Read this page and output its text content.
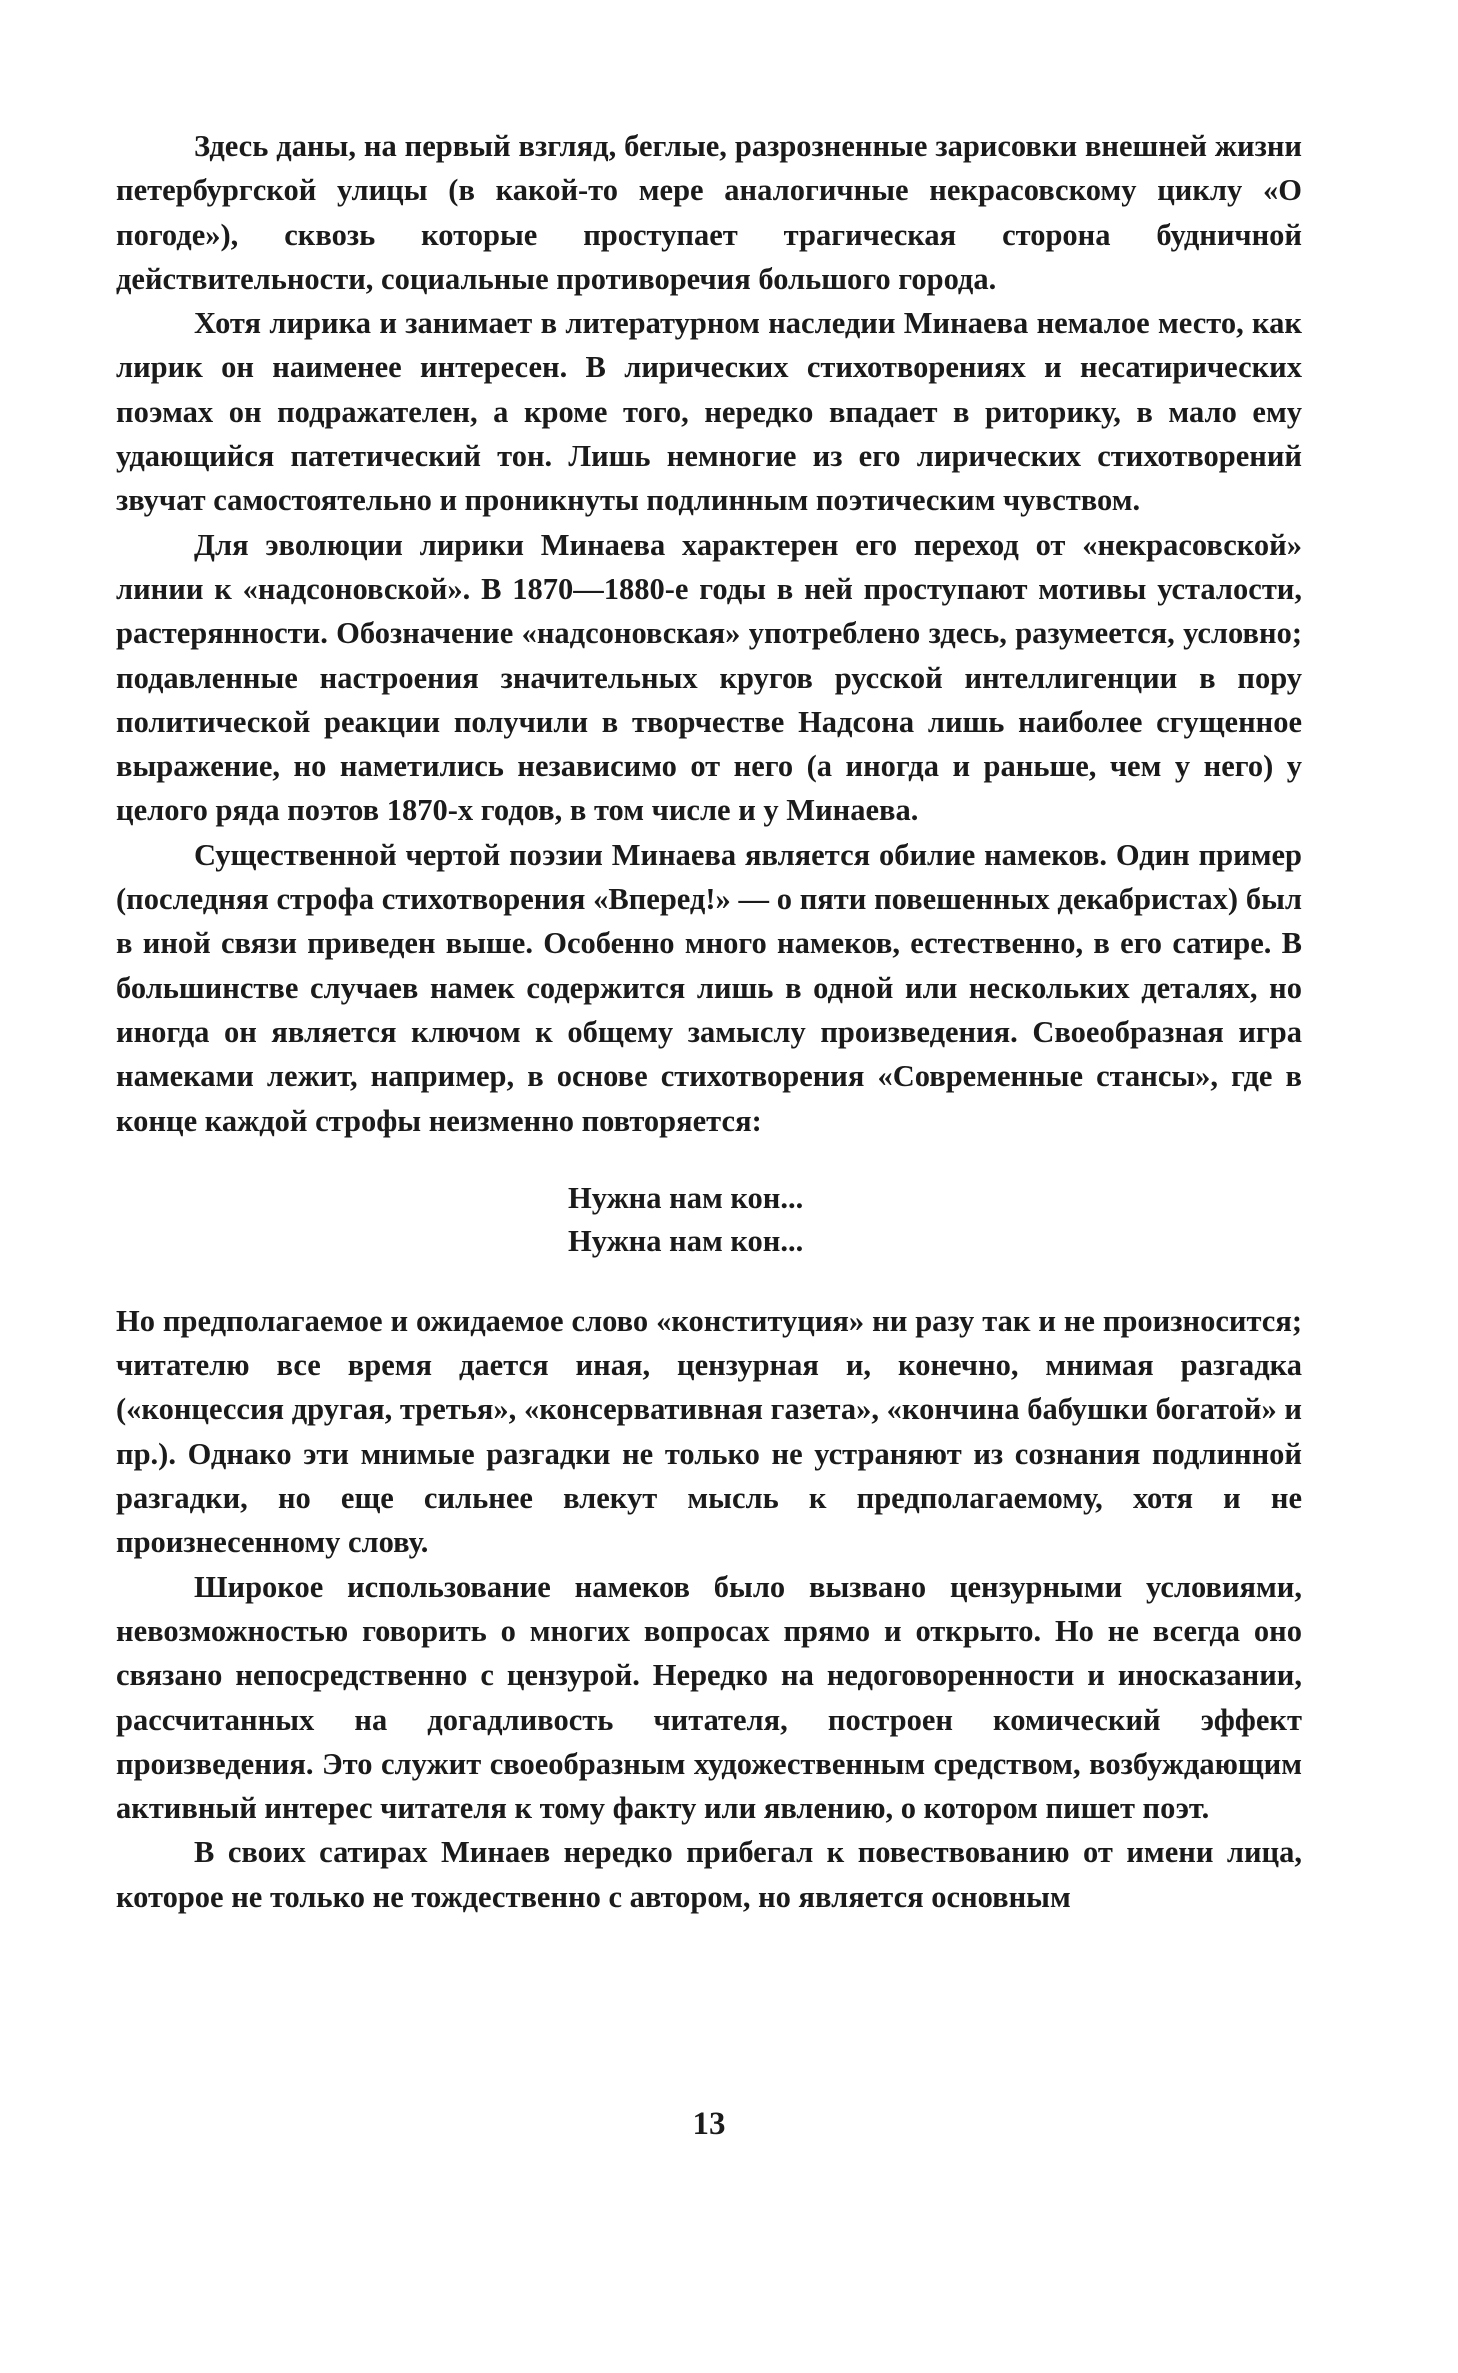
Здесь даны, на первый взгляд, беглые, разрозненные зарисовки внешней жизни петербургской улицы (в какой-то мере аналогичные некрасовскому циклу «О погоде»), сквозь которые проступает трагическая сторона будничной действительности, социальные противоречия большого города.

Хотя лирика и занимает в литературном наследии Минаева немалое место, как лирик он наименее интересен. В лирических стихотворениях и несатирических поэмах он подражателен, а кроме того, нередко впадает в риторику, в мало ему удающийся патетический тон. Лишь немногие из его лирических стихотворений звучат самостоятельно и проникнуты подлинным поэтическим чувством.

Для эволюции лирики Минаева характерен его переход от «некрасовской» линии к «надсоновской». В 1870—1880-е годы в ней проступают мотивы усталости, растерянности. Обозначение «надсоновская» употреблено здесь, разумеется, условно; подавленные настроения значительных кругов русской интеллигенции в пору политической реакции получили в творчестве Надсона лишь наиболее сгущенное выражение, но наметились независимо от него (а иногда и раньше, чем у него) у целого ряда поэтов 1870-х годов, в том числе и у Минаева.

Существенной чертой поэзии Минаева является обилие намеков. Один пример (последняя строфа стихотворения «Вперед!» — о пяти повешенных декабристах) был в иной связи приведен выше. Особенно много намеков, естественно, в его сатире. В большинстве случаев намек содержится лишь в одной или нескольких деталях, но иногда он является ключом к общему замыслу произведения. Своеобразная игра намеками лежит, например, в основе стихотворения «Современные стансы», где в конце каждой строфы неизменно повторяется:

Нужна нам кон...
Нужна нам кон...

Но предполагаемое и ожидаемое слово «конституция» ни разу так и не произносится; читателю все время дается иная, цензурная и, конечно, мнимая разгадка («концессия другая, третья», «консервативная газета», «кончина бабушки богатой» и пр.). Однако эти мнимые разгадки не только не устраняют из сознания подлинной разгадки, но еще сильнее влекут мысль к предполагаемому, хотя и не произнесенному слову.

Широкое использование намеков было вызвано цензурными условиями, невозможностью говорить о многих вопросах прямо и открыто. Но не всегда оно связано непосредственно с цензурой. Нередко на недоговоренности и иносказании, рассчитанных на догадливость читателя, построен комический эффект произведения. Это служит своеобразным художественным средством, возбуждающим активный интерес читателя к тому факту или явлению, о котором пишет поэт.

В своих сатирах Минаев нередко прибегал к повествованию от имени лица, которое не только не тождественно с автором, но является основным

13
